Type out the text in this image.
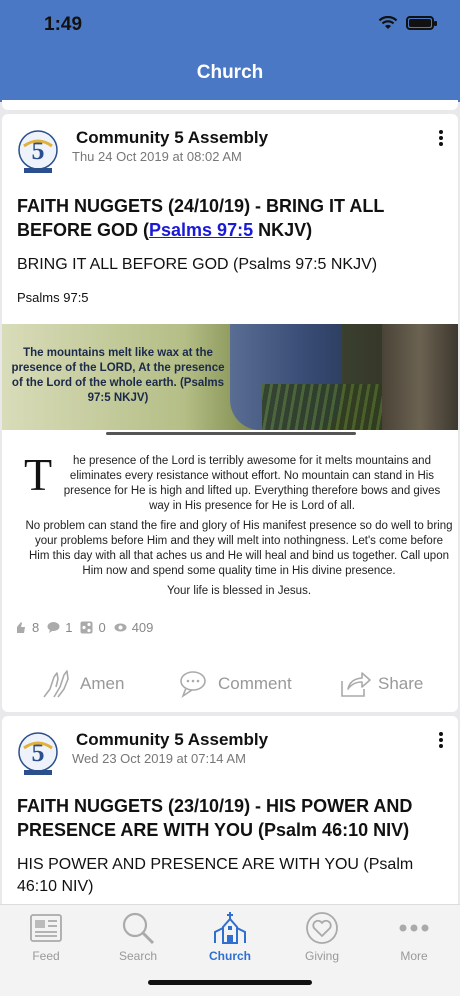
1:49
Church
5 Community 5 Assembly
Thu 24 Oct 2019 at 08:02 AM
FAITH NUGGETS (24/10/19) - BRING IT ALL BEFORE GOD (Psalms 97:5 NKJV)
BRING IT ALL BEFORE GOD (Psalms 97:5 NKJV)
Psalms 97:5
The mountains melt like wax at the presence of the LORD, At the presence of the Lord of the whole earth. (Psalms 97:5 NKJV)
T	he presence of the Lord is terribly awesome for it melts mountains and eliminates every resistance without effort. No mountain can stand in His presence for He is high and lifted up. Everything therefore bows and gives way in His presence for He is Lord of all.
No problem can stand the fire and glory of His manifest presence so do well to bring your problems before Him and they will melt into nothingness. Let's come before Him this day with all that aches us and He will heal and bind us together. Call upon Him now and spend some quality time in His divine presence.
Your life is blessed in Jesus.
8 1 0 409
Amen	Comment	Share
5 Community 5 Assembly
Wed 23 Oct 2019 at 07:14 AM
FAITH NUGGETS (23/10/19) - HIS POWER AND PRESENCE ARE WITH YOU (Psalm 46:10 NIV)
HIS POWER AND PRESENCE ARE WITH YOU (Psalm 46:10 NIV)
Feed	Search	Church	Giving	More
